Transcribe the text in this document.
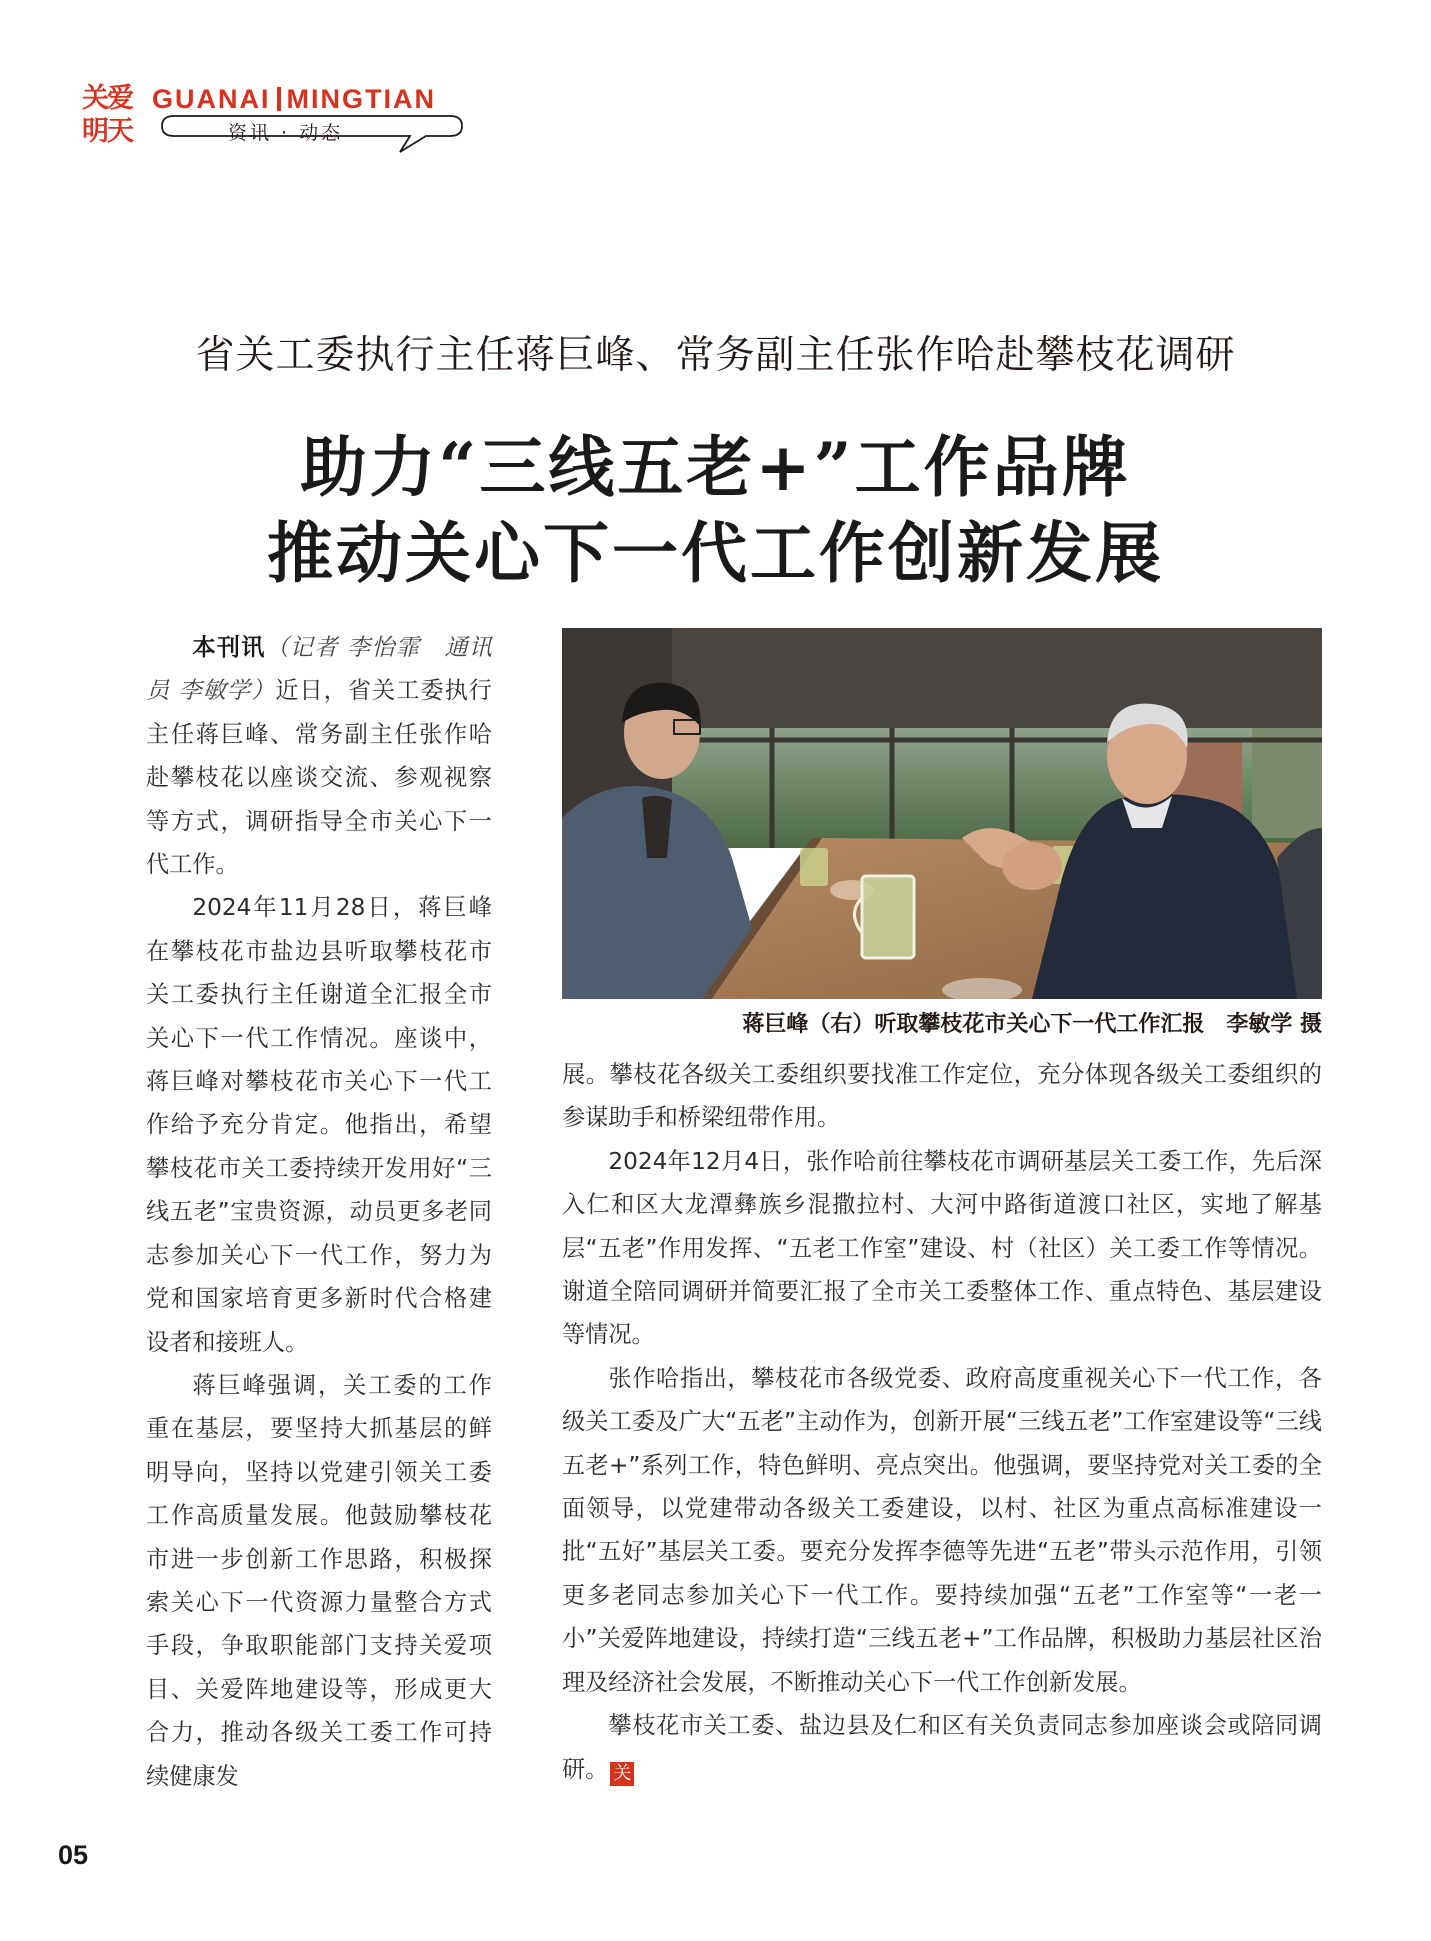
关爱
明天
GUANAI MINGTIAN
资讯 · 动态
省关工委执行主任蒋巨峰、常务副主任张作哈赴攀枝花调研
助力“三线五老+”工作品牌
推动关心下一代工作创新发展

本刊讯（记者 李怡霏　通讯员 李敏学）近日，省关工委执行主任蒋巨峰、常务副主任张作哈赴攀枝花以座谈交流、参观视察等方式，调研指导全市关心下一代工作。

2024年11月28日，蒋巨峰在攀枝花市盐边县听取攀枝花市关工委执行主任谢道全汇报全市关心下一代工作情况。座谈中，蒋巨峰对攀枝花市关心下一代工作给予充分肯定。他指出，希望攀枝花市关工委持续开发用好“三线五老”宝贵资源，动员更多老同志参加关心下一代工作，努力为党和国家培育更多新时代合格建设者和接班人。

蒋巨峰强调，关工委的工作重在基层，要坚持大抓基层的鲜明导向，坚持以党建引领关工委工作高质量发展。他鼓励攀枝花市进一步创新工作思路，积极探索关心下一代资源力量整合方式手段，争取职能部门支持关爱项目、关爱阵地建设等，形成更大合力，推动各级关工委工作可持续健康发

蒋巨峰（右）听取攀枝花市关心下一代工作汇报　李敏学 摄

展。攀枝花各级关工委组织要找准工作定位，充分体现各级关工委组织的参谋助手和桥梁纽带作用。

2024年12月4日，张作哈前往攀枝花市调研基层关工委工作，先后深入仁和区大龙潭彝族乡混撒拉村、大河中路街道渡口社区，实地了解基层“五老”作用发挥、“五老工作室”建设、村（社区）关工委工作等情况。谢道全陪同调研并简要汇报了全市关工委整体工作、重点特色、基层建设等情况。

张作哈指出，攀枝花市各级党委、政府高度重视关心下一代工作，各级关工委及广大“五老”主动作为，创新开展“三线五老”工作室建设等“三线五老+”系列工作，特色鲜明、亮点突出。他强调，要坚持党对关工委的全面领导，以党建带动各级关工委建设，以村、社区为重点高标准建设一批“五好”基层关工委。要充分发挥李德等先进“五老”带头示范作用，引领更多老同志参加关心下一代工作。要持续加强“五老”工作室等“一老一小”关爱阵地建设，持续打造“三线五老+”工作品牌，积极助力基层社区治理及经济社会发展，不断推动关心下一代工作创新发展。

攀枝花市关工委、盐边县及仁和区有关负责同志参加座谈会或陪同调研。 关

05
